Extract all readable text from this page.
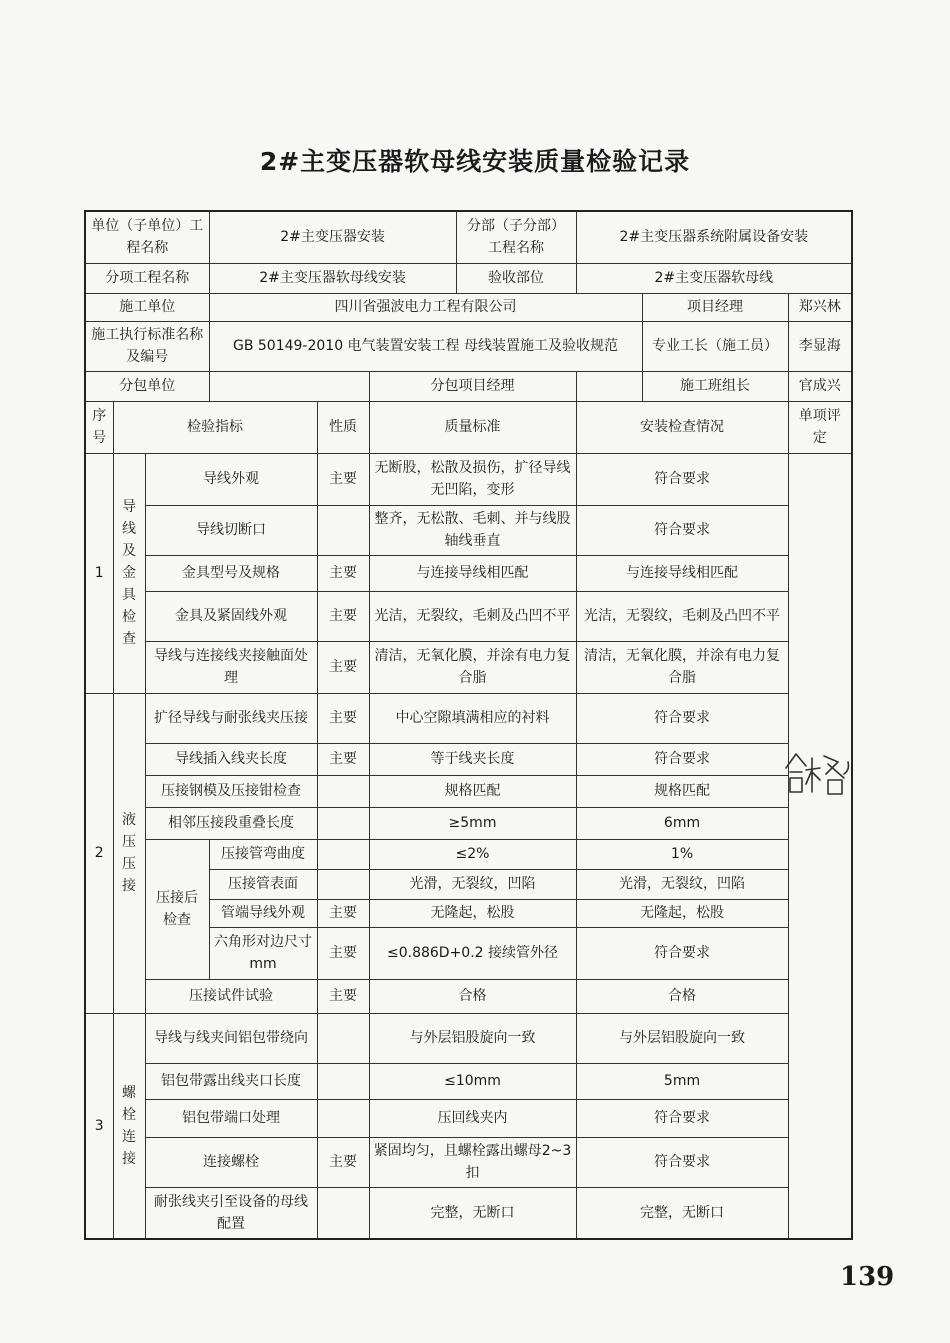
2#主变压器软母线安装质量检验记录
单位（子单位）工程名称			2#主变压器安装			分部（子分部）工程名称	2#主变压器系统附属设备安装		
分项工程名称			2#主变压器软母线安装			验收部位	2#主变压器软母线		
施工单位			四川省强波电力工程有限公司					项目经理	郑兴林
施工执行标准名称及编号			GB 50149-2010 电气装置安装工程 母线装置施工及验收规范					专业工长（施工员）	李显海
分包单位					分包项目经理			施工班组长	官成兴
序号	检验指标			性质	质量标准		安装检查情况		单项评定
1	导线及金具检查	导线外观		主要	无断股，松散及损伤，扩径导线无凹陷，变形		符合要求		
		导线切断口			整齐，无松散、毛刺、并与线股轴线垂直		符合要求		
		金具型号及规格		主要	与连接导线相匹配		与连接导线相匹配		
		金具及紧固线外观		主要	光洁，无裂纹，毛刺及凸凹不平		光洁，无裂纹，毛刺及凸凹不平		
		导线与连接线夹接触面处理		主要	清洁，无氧化膜，并涂有电力复合脂		清洁，无氧化膜，并涂有电力复合脂		
2	液压压接	扩径导线与耐张线夹压接		主要	中心空隙填满相应的衬料		符合要求		
		导线插入线夹长度		主要	等于线夹长度		符合要求		
		压接钢模及压接钳检查			规格匹配		规格匹配		
		相邻压接段重叠长度			≥5mm		6mm		
		压接后检查	压接管弯曲度		≤2%		1%		
			压接管表面		光滑，无裂纹，凹陷		光滑，无裂纹，凹陷		
			管端导线外观	主要	无隆起，松股		无隆起，松股		
			六角形对边尺寸 mm	主要	≤0.886D+0.2 接续管外径		符合要求		
		压接试件试验		主要	合格		合格		
3	螺栓连接	导线与线夹间铝包带绕向			与外层铝股旋向一致		与外层铝股旋向一致		
		铝包带露出线夹口长度			≤10mm		5mm		
		铝包带端口处理			压回线夹内		符合要求		
		连接螺栓		主要	紧固均匀，且螺栓露出螺母2~3扣		符合要求		
		耐张线夹引至设备的母线配置			完整，无断口		完整，无断口		
139
